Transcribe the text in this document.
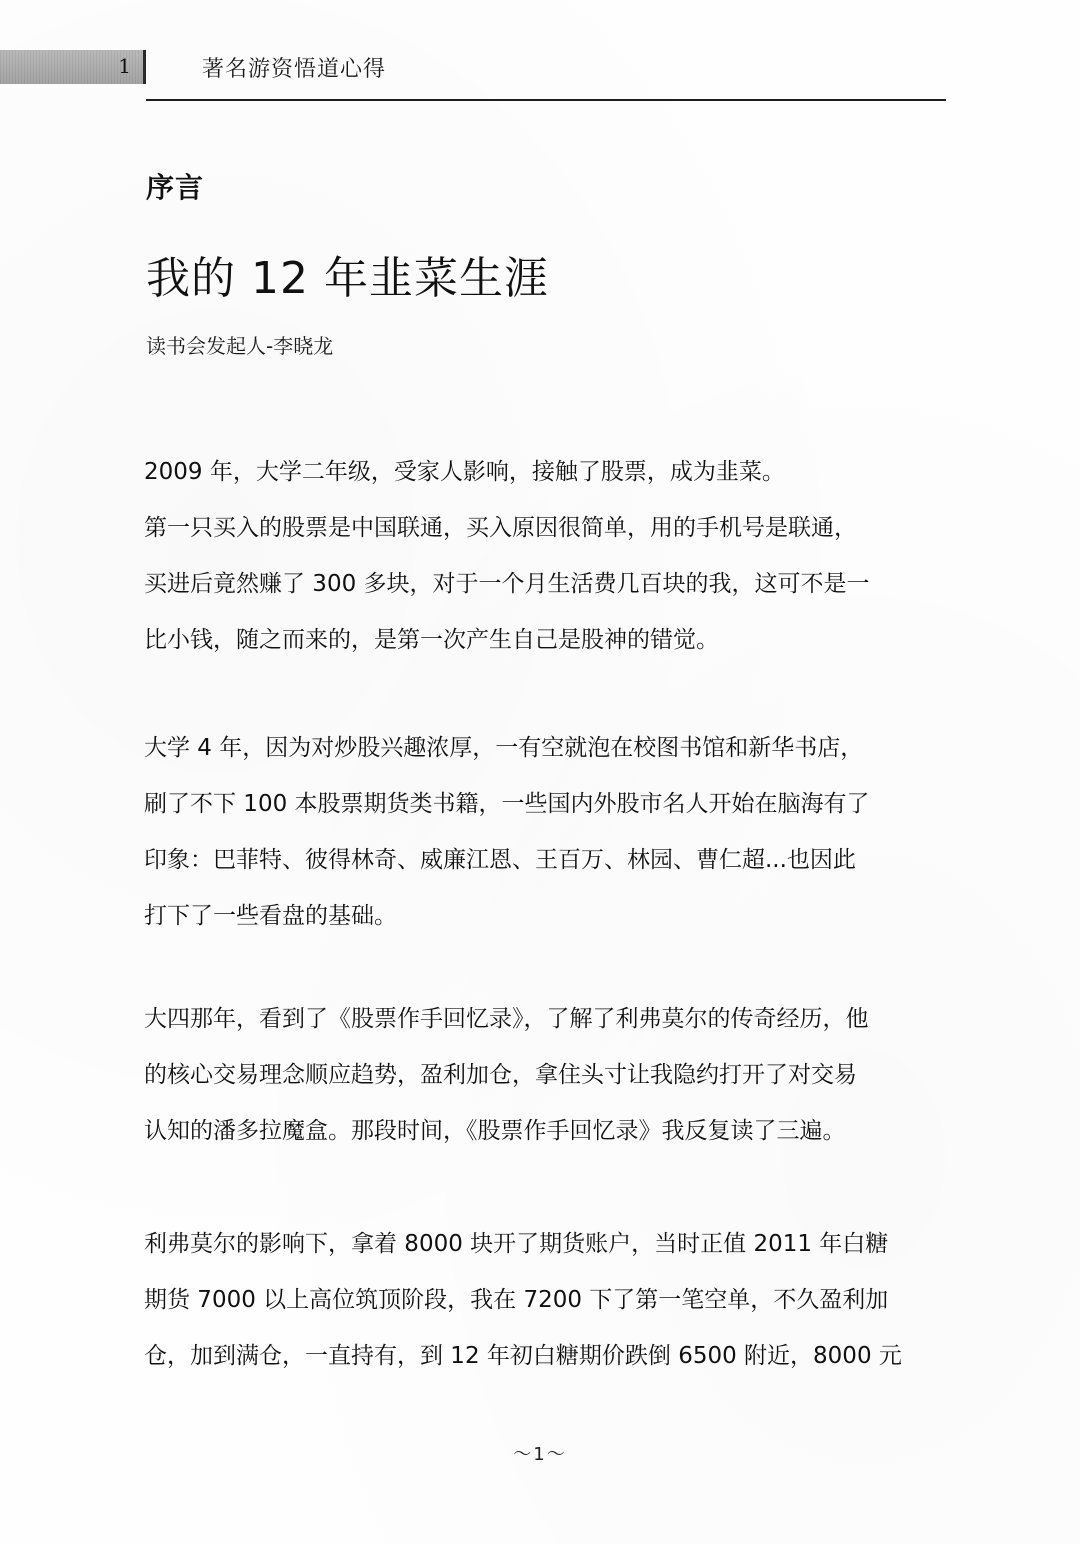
1	著名游资悟道心得
序言
我的 12 年韭菜生涯
读书会发起人-李晓龙

2009 年，大学二年级，受家人影响，接触了股票，成为韭菜。
第一只买入的股票是中国联通，买入原因很简单，用的手机号是联通，
买进后竟然赚了 300 多块，对于一个月生活费几百块的我，这可不是一
比小钱，随之而来的，是第一次产生自己是股神的错觉。

大学 4 年，因为对炒股兴趣浓厚，一有空就泡在校图书馆和新华书店，
刷了不下 100 本股票期货类书籍，一些国内外股市名人开始在脑海有了
印象：巴菲特、彼得林奇、威廉江恩、王百万、林园、曹仁超...也因此
打下了一些看盘的基础。

大四那年，看到了《股票作手回忆录》，了解了利弗莫尔的传奇经历，他
的核心交易理念顺应趋势，盈利加仓，拿住头寸让我隐约打开了对交易
认知的潘多拉魔盒。那段时间，《股票作手回忆录》我反复读了三遍。

利弗莫尔的影响下，拿着 8000 块开了期货账户，当时正值 2011 年白糖
期货 7000 以上高位筑顶阶段，我在 7200 下了第一笔空单，不久盈利加
仓，加到满仓，一直持有，到 12 年初白糖期价跌倒 6500 附近，8000 元

～1～
